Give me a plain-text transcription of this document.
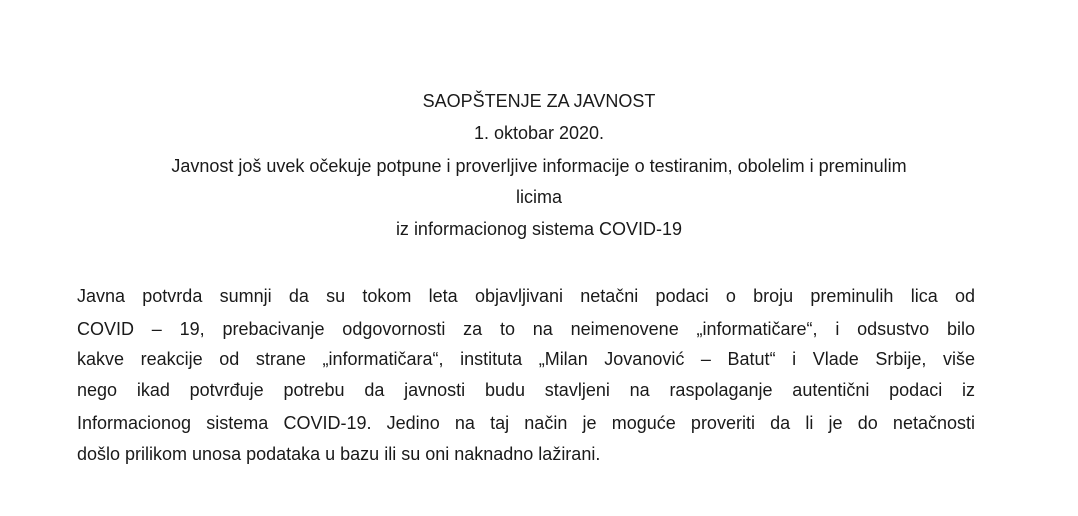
SAOPŠTENJE ZA JAVNOST
1. oktobar 2020.
Javnost još uvek očekuje potpune i proverljive informacije o testiranim, obolelim i preminulim
licima
iz informacionog sistema COVID-19
Javna potvrda sumnji da su tokom leta objavljivani netačni podaci o broju preminulih lica od
COVID – 19, prebacivanje odgovornosti za to na neimenovene „informatičare“, i odsustvo bilo
kakve reakcije od strane „informatičara“, instituta „Milan Jovanović – Batut“ i Vlade Srbije, više
nego ikad potvrđuje potrebu da javnosti budu stavljeni na raspolaganje autentični podaci iz
Informacionog sistema COVID-19. Jedino na taj način je moguće proveriti da li je do netačnosti
došlo prilikom unosa podataka u bazu ili su oni naknadno lažirani.
